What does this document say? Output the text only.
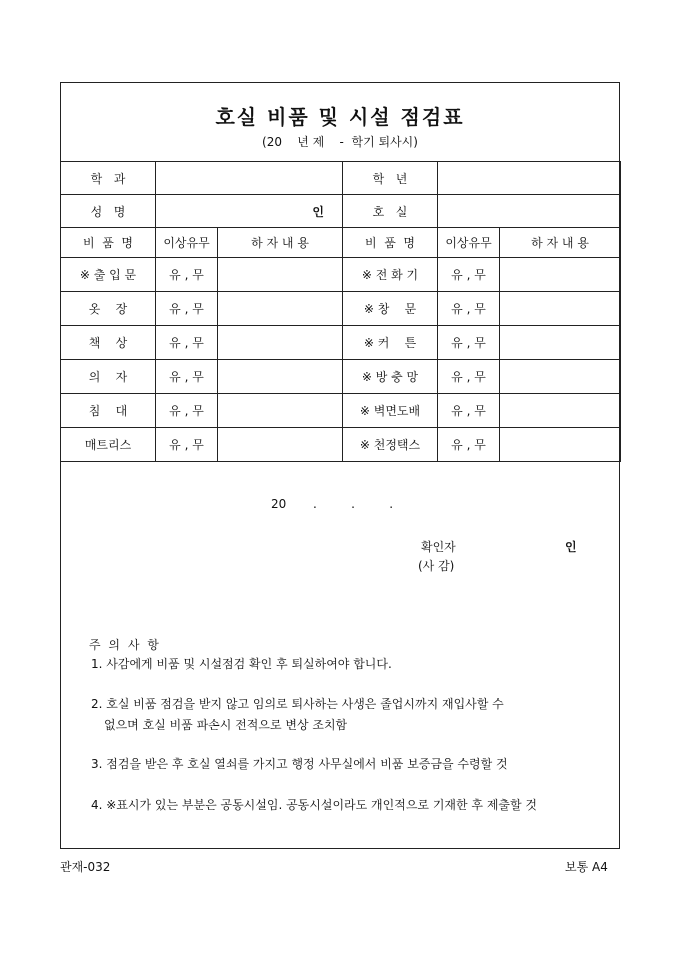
호실 비품 및 시설 점검표
(20    년 제    -  학기 퇴사시)
학   과			학   년		
성   명	인		호   실		
비  품  명	이상유무	하 자 내 용	비  품  명	이상유무	하 자 내 용
※ 출 입 문	유 , 무		※ 전 화 기	유 , 무	
옷    장	유 , 무		※ 창    문	유 , 무	
책    상	유 , 무		※ 커    튼	유 , 무	
의    자	유 , 무		※ 방 충 망	유 , 무	
침    대	유 , 무		※ 벽면도배	유 , 무	
매트리스	유 , 무		※ 천정택스	유 , 무	
20       .         .         .
확인자	인
(사 감)
주 의 사 항
1. 사감에게 비품 및 시설점검 확인 후 퇴실하여야 합니다.
2. 호실 비품 점검을 받지 않고 임의로 퇴사하는 사생은 졸업시까지 재입사할 수
없으며 호실 비품 파손시 전적으로 변상 조치함
3. 점검을 받은 후 호실 열쇠를 가지고 행정 사무실에서 비품 보증금을 수령할 것
4. ※표시가 있는 부분은 공동시설임. 공동시설이라도 개인적으로 기재한 후 제출할 것
관재-032	보통 A4
